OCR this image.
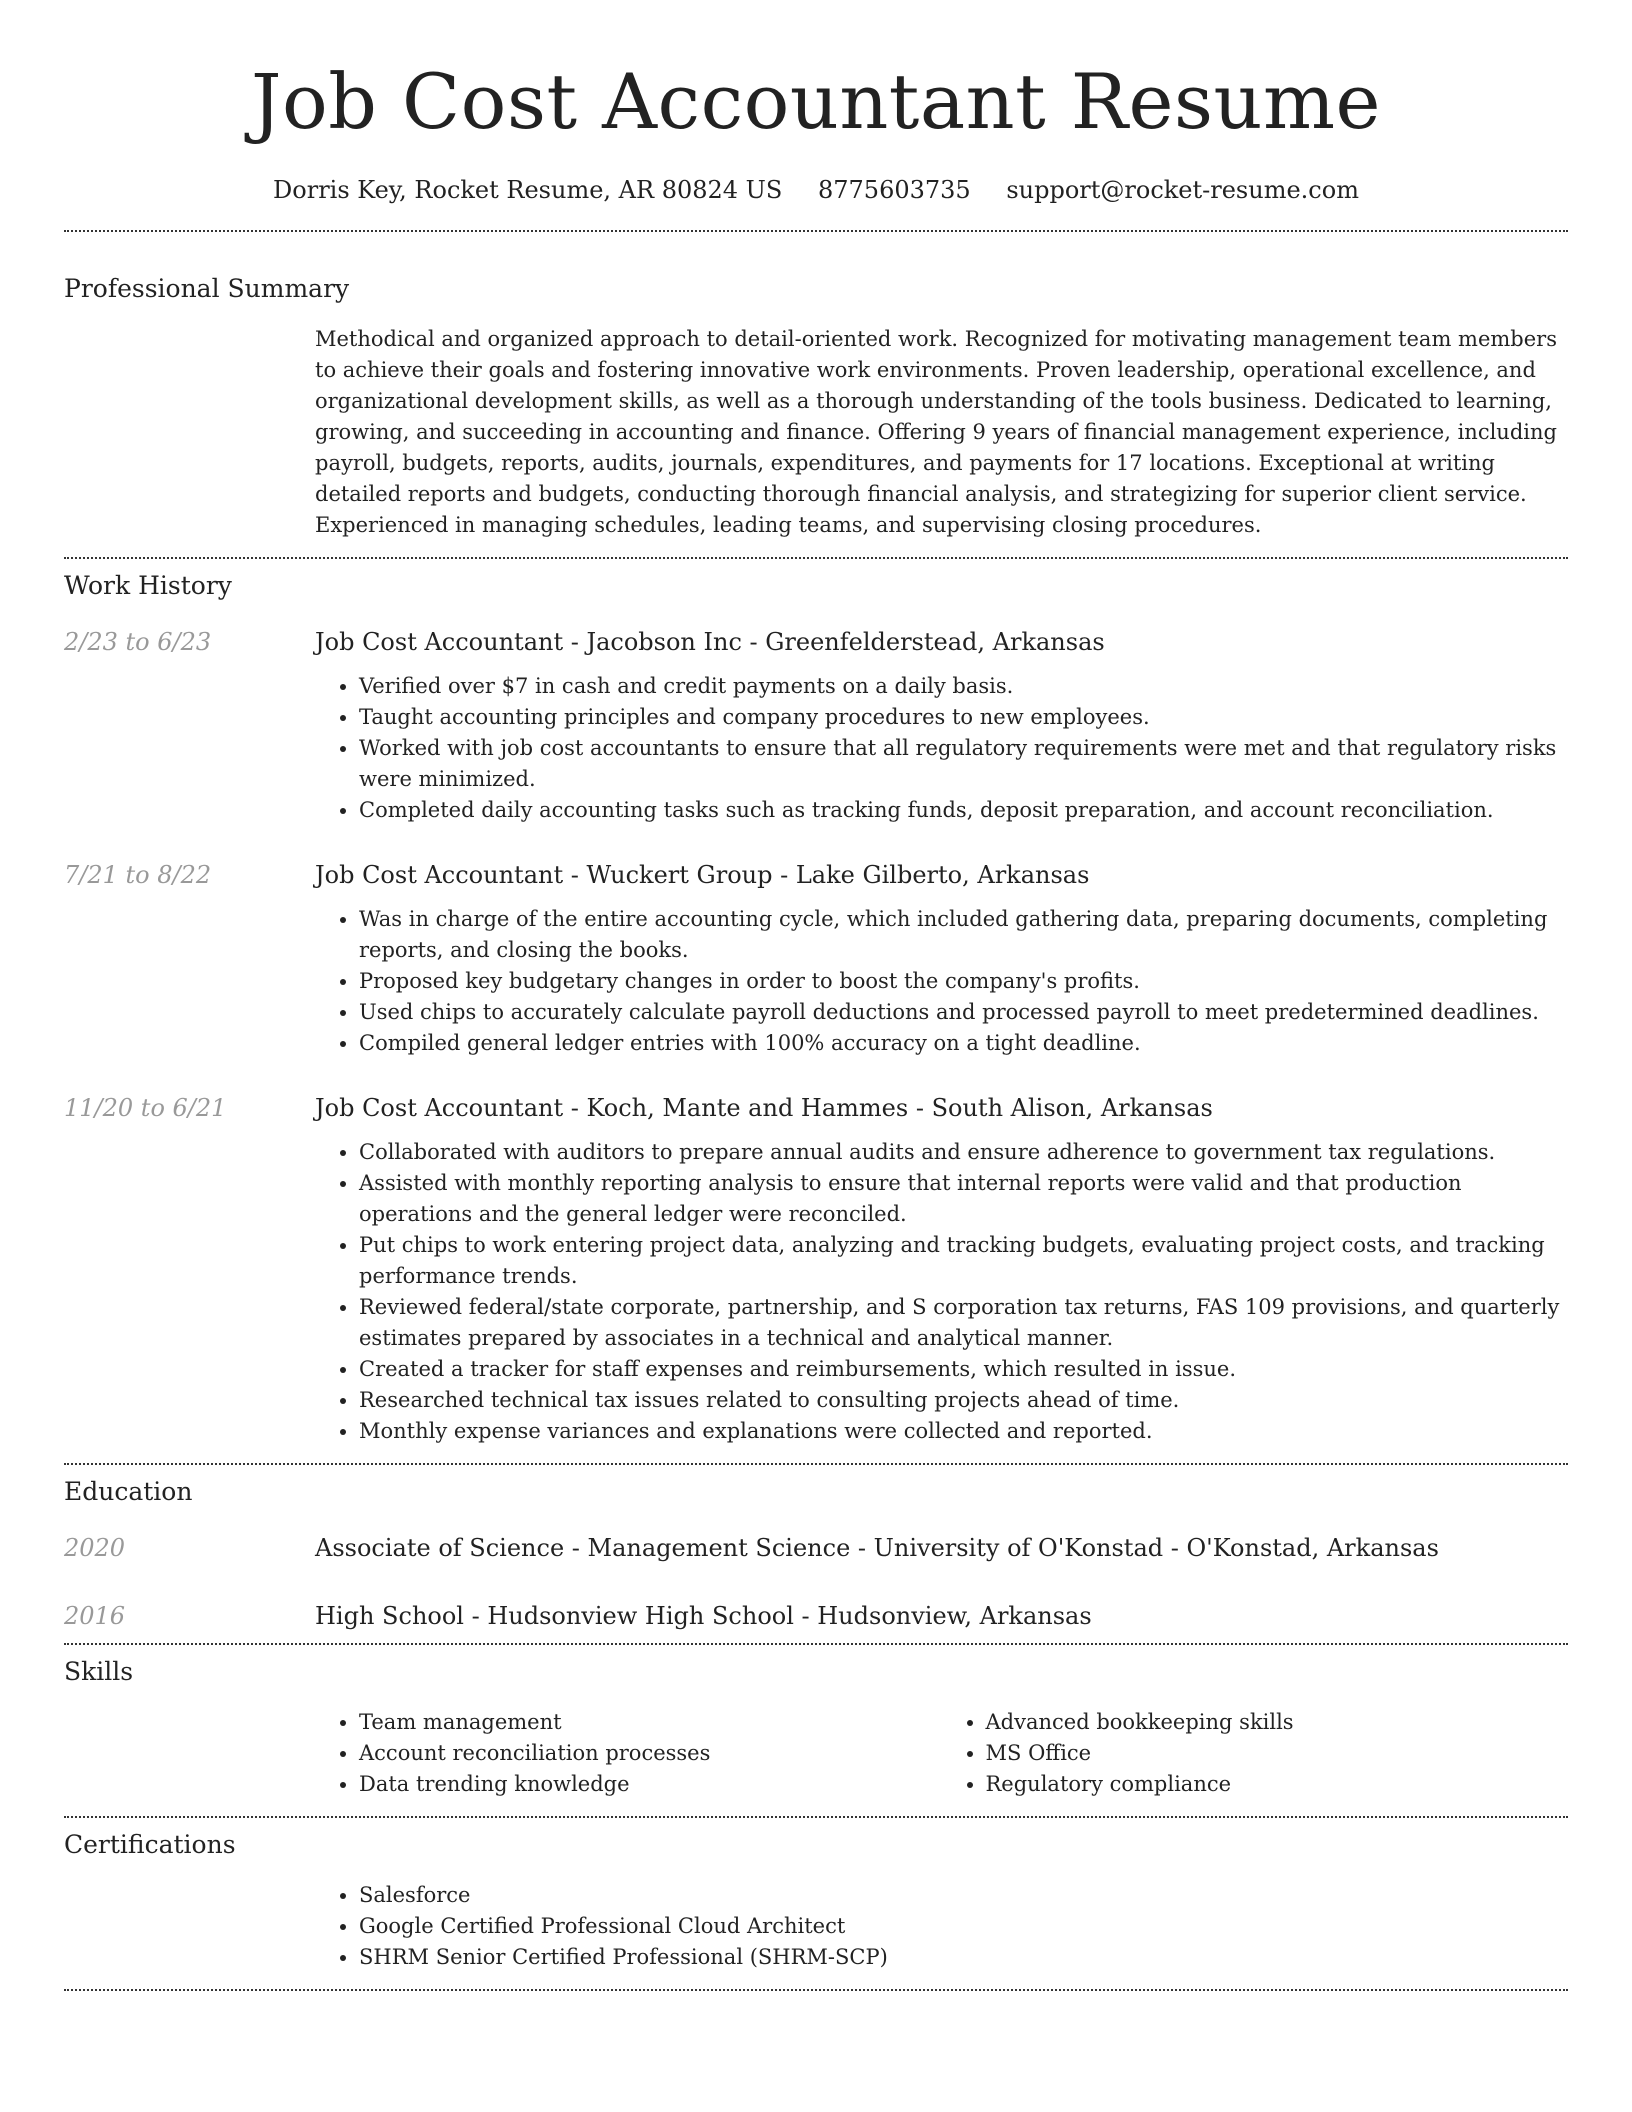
Job Cost Accountant Resume
Dorris Key, Rocket Resume, AR 80824 US 8775603735 support@rocket-resume.com
Professional Summary
Methodical and organized approach to detail-oriented work. Recognized for motivating management team members to achieve their goals and fostering innovative work environments. Proven leadership, operational excellence, and organizational development skills, as well as a thorough understanding of the tools business. Dedicated to learning, growing, and succeeding in accounting and finance. Offering 9 years of financial management experience, including payroll, budgets, reports, audits, journals, expenditures, and payments for 17 locations. Exceptional at writing detailed reports and budgets, conducting thorough financial analysis, and strategizing for superior client service. Experienced in managing schedules, leading teams, and supervising closing procedures.
Work History
2/23 to 6/23	Job Cost Accountant - Jacobson Inc - Greenfelderstead, Arkansas
• Verified over $7 in cash and credit payments on a daily basis.
• Taught accounting principles and company procedures to new employees.
• Worked with job cost accountants to ensure that all regulatory requirements were met and that regulatory risks were minimized.
• Completed daily accounting tasks such as tracking funds, deposit preparation, and account reconciliation.
7/21 to 8/22	Job Cost Accountant - Wuckert Group - Lake Gilberto, Arkansas
• Was in charge of the entire accounting cycle, which included gathering data, preparing documents, completing reports, and closing the books.
• Proposed key budgetary changes in order to boost the company's profits.
• Used chips to accurately calculate payroll deductions and processed payroll to meet predetermined deadlines.
• Compiled general ledger entries with 100% accuracy on a tight deadline.
11/20 to 6/21	Job Cost Accountant - Koch, Mante and Hammes - South Alison, Arkansas
• Collaborated with auditors to prepare annual audits and ensure adherence to government tax regulations.
• Assisted with monthly reporting analysis to ensure that internal reports were valid and that production operations and the general ledger were reconciled.
• Put chips to work entering project data, analyzing and tracking budgets, evaluating project costs, and tracking performance trends.
• Reviewed federal/state corporate, partnership, and S corporation tax returns, FAS 109 provisions, and quarterly estimates prepared by associates in a technical and analytical manner.
• Created a tracker for staff expenses and reimbursements, which resulted in issue.
• Researched technical tax issues related to consulting projects ahead of time.
• Monthly expense variances and explanations were collected and reported.
Education
2020	Associate of Science - Management Science - University of O'Konstad - O'Konstad, Arkansas
2016	High School - Hudsonview High School - Hudsonview, Arkansas
Skills
• Team management
• Account reconciliation processes
• Data trending knowledge
• Advanced bookkeeping skills
• MS Office
• Regulatory compliance
Certifications
• Salesforce
• Google Certified Professional Cloud Architect
• SHRM Senior Certified Professional (SHRM-SCP)
